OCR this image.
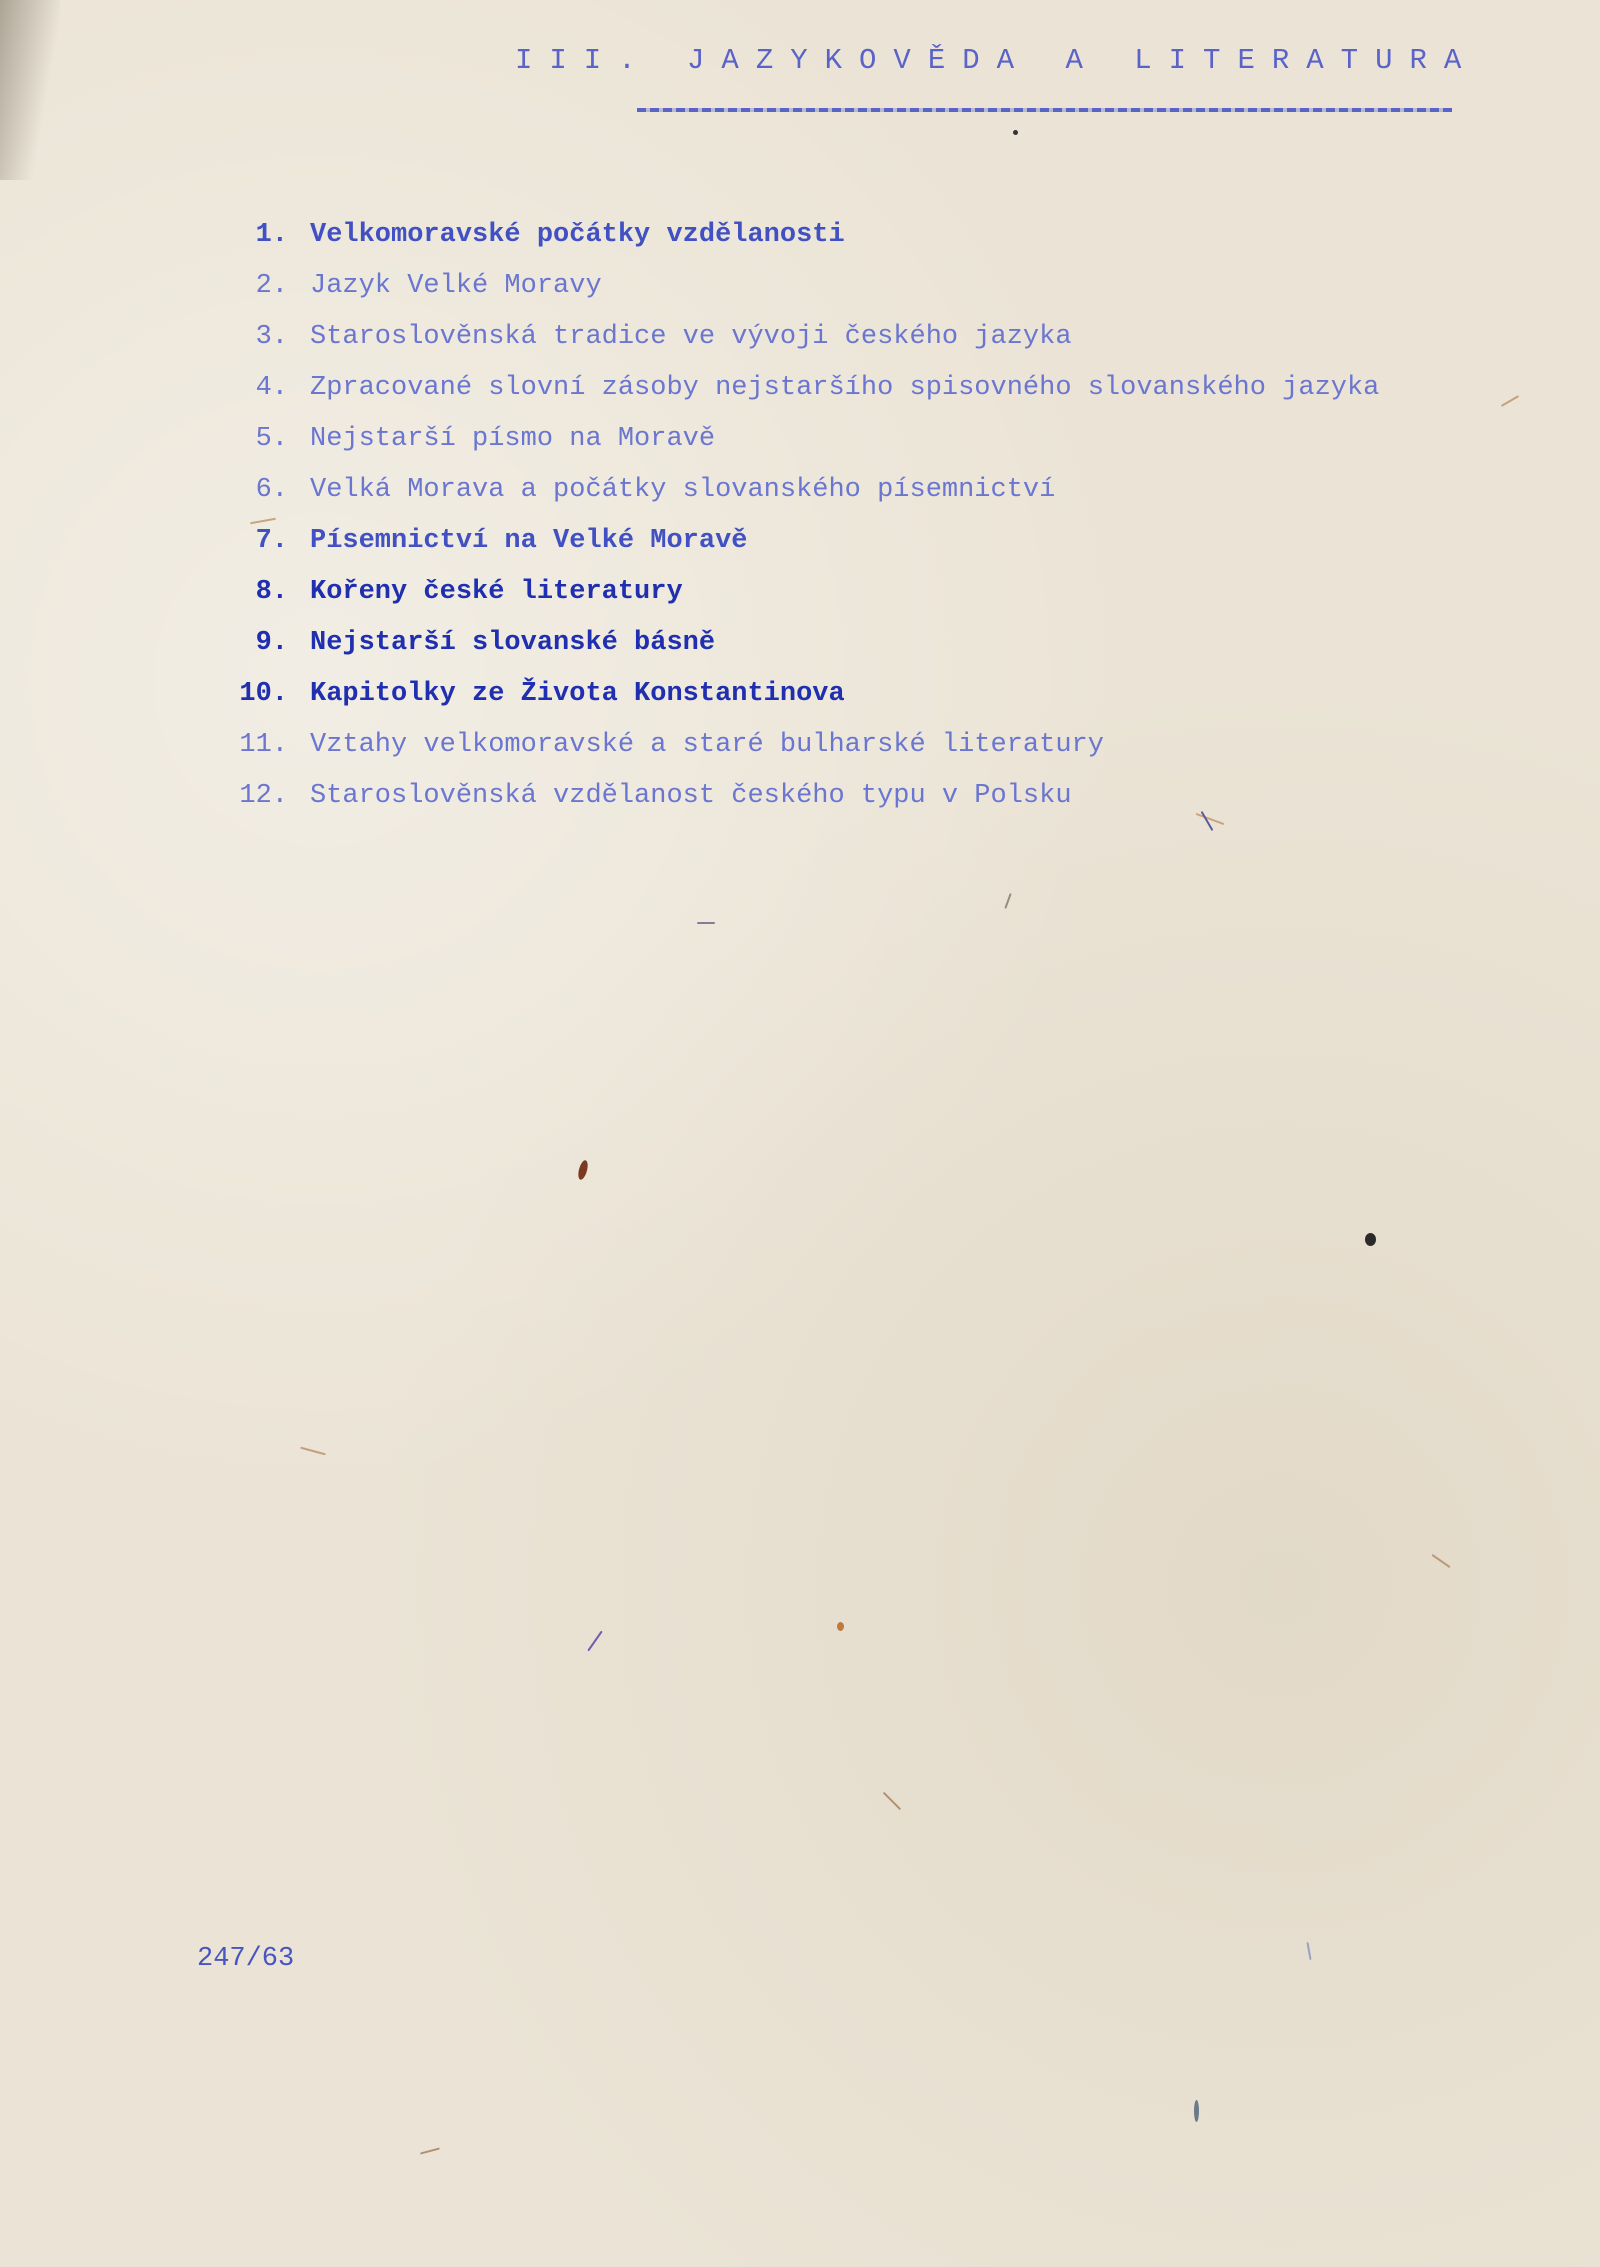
III. JAZYKOVĚDA A LITERATURA
1. Velkomoravské počátky vzdělanosti
2. Jazyk Velké Moravy
3. Staroslověnská tradice ve vývoji českého jazyka
4. Zpracované slovní zásoby nejstaršího spisovného slovanského jazyka
5. Nejstarší písmo na Moravě
6. Velká Morava a počátky slovanského písemnictví
7. Písemnictví na Velké Moravě
8. Kořeny české literatury
9. Nejstarší slovanské básně
10. Kapitolky ze Života Konstantinova
11. Vztahy velkomoravské a staré bulharské literatury
12. Staroslověnská vzdělanost českého typu v Polsku
247/63
